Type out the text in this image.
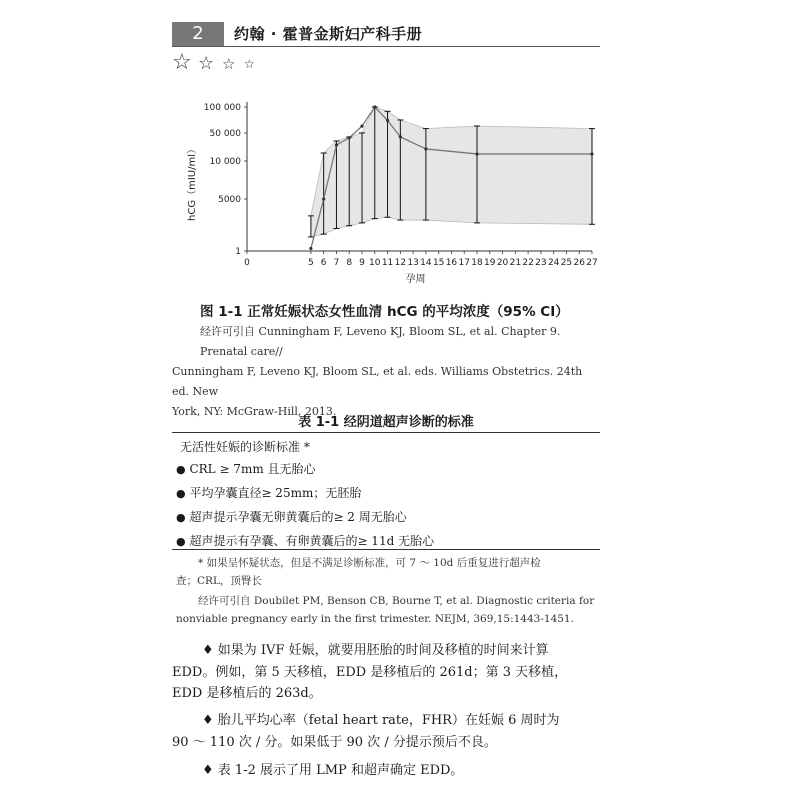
2	约翰 · 霍普金斯妇产科手册
☆ ☆ ☆ ☆
0	5 6 7 8 9 10 11 12 13 14 15 16 17 18 19 20 21 22 23 24 25 26 27
孕周
1
5000
10 000
50 000
100 000
hCG（mIU/ml）
图 1-1 正常妊娠状态女性血清 hCG 的平均浓度（95% CI）
经许可引自 Cunningham F, Leveno KJ, Bloom SL, et al. Chapter 9. Prenatal care//
Cunningham F, Leveno KJ, Bloom SL, et al. eds. Williams Obstetrics. 24th ed. New
York, NY: McGraw-Hill, 2013.
表 1-1 经阴道超声诊断的标准
无活性妊娠的诊断标准 *
● CRL ≥ 7mm 且无胎心
● 平均孕囊直径≥ 25mm；无胚胎
● 超声提示孕囊无卵黄囊后的≥ 2 周无胎心
● 超声提示有孕囊、有卵黄囊后的≥ 11d 无胎心
* 如果呈怀疑状态，但是不满足诊断标准，可 7 ～ 10d 后重复进行超声检
查；CRL，顶臀长
经许可引自 Doubilet PM, Benson CB, Bourne T, et al. Diagnostic criteria for
nonviable pregnancy early in the first trimester. NEJM, 369,15:1443-1451.
♦ 如果为 IVF 妊娠，就要用胚胎的时间及移植的时间来计算
EDD。例如，第 5 天移植，EDD 是移植后的 261d；第 3 天移植，
EDD 是移植后的 263d。
♦ 胎儿平均心率（fetal heart rate，FHR）在妊娠 6 周时为
90 ～ 110 次 / 分。如果低于 90 次 / 分提示预后不良。
♦ 表 1-2 展示了用 LMP 和超声确定 EDD。
